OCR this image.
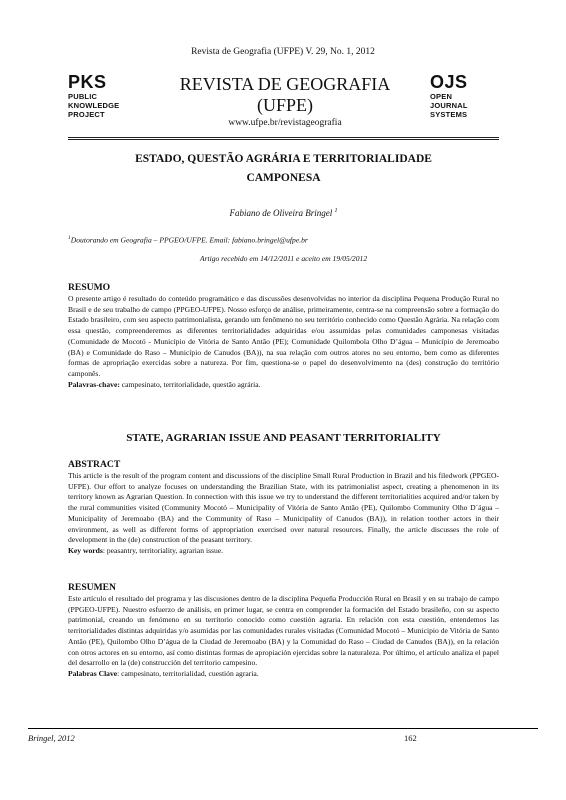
Revista de Geografia (UFPE) V. 29, No. 1, 2012
PKS
PUBLIC
KNOWLEDGE
PROJECT
REVISTA DE GEOGRAFIA
(UFPE)
www.ufpe.br/revistageografia
OJS
OPEN
JOURNAL
SYSTEMS
ESTADO, QUESTÃO AGRÁRIA E TERRITORIALIDADE
CAMPONESA
Fabiano de Oliveira Bringel $^1$
$^1$Doutorando em Geografia – PPGEO/UFPE. Email: fabiano.bringel@ufpe.br
Artigo recebido em 14/12/2011 e aceito em 19/05/2012
RESUMO

O presente artigo é resultado do conteúdo programático e das discussões desenvolvidas no interior da disciplina Pequena Produção Rural no Brasil e de seu trabalho de campo (PPGEO-UFPE). Nosso esforço de análise, primeiramente, centra-se na compreensão sobre a formação do Estado brasileiro, com seu aspecto patrimonialista, gerando um fenômeno no seu território conhecido como Questão Agrária. Na relação com essa questão, compreenderemos as diferentes territorialidades adquiridas e/ou assumidas pelas comunidades camponesas visitadas (Comunidade de Mocotó - Município de Vitória de Santo Antão (PE); Comunidade Quilombola Olho D’água – Município de Jeremoabo (BA) e Comunidade do Raso – Município de Canudos (BA)), na sua relação com outros atores no seu entorno, bem como as diferentes formas de apropriação exercidas sobre a natureza. Por fim, questiona-se o papel do desenvolvimento na (des) construção do território camponês.

Palavras-chave: campesinato, territorialidade, questão agrária.

STATE, AGRARIAN ISSUE AND PEASANT TERRITORIALITY
ABSTRACT

This article is the result of the program content and discussions of the discipline Small Rural Production in Brazil and his filedwork (PPGEO-UFPE). Our effort to analyze focuses on understanding the Brazilian State, with its patrimonialist aspect, creating a phenomenon in its territory known as Agrarian Question. In connection with this issue we try to understand the different territorialities acquired and/or taken by the rural communities visited (Community Mocotó – Municipality of Vitória de Santo Antão (PE), Quilombo Community Olho D´água – Municipality of Jeremoabo (BA) and the Community of Raso – Municipality of Canudos (BA)), in relation toother actors in their environment, as well as different forms of appropriation exercised over natural resources. Finally, the article discusses the role of development in the (de) construction of the peasant territory.

Key words: peasantry, territoriality, agrarian issue.

RESUMEN

Este artículo el resultado del programa y las discusiones dentro de la disciplina Pequeña Producción Rural en Brasil y en su trabajo de campo (PPGEO-UFPE). Nuestro esfuerzo de análisis, en primer lugar, se centra en comprender la formación del Estado brasileño, con su aspecto patrimonial, creando un fenómeno en su territorio conocido como cuestión agraria. En relación con esta cuestión, entendemos las territorialidades distintas adquiridas y/o asumidas por las comunidades rurales visitadas (Comunidad Mocotó – Municipio de Vitória de Santo Antão (PE), Quilombo Olho D’água de la Ciudad de Jeremoabo (BA) y la Comunidad do Raso – Ciudad de Canudos (BA)), en la relación con otros actores en su entorno, así como distintas formas de apropiación ejercidas sobre la naturaleza. Por último, el artículo analiza el papel del desarrollo en la (de) construcción del territorio campesino.

Palabras Clave: campesinato, territorialidad, cuestión agraria.

Bringel, 2012	162
